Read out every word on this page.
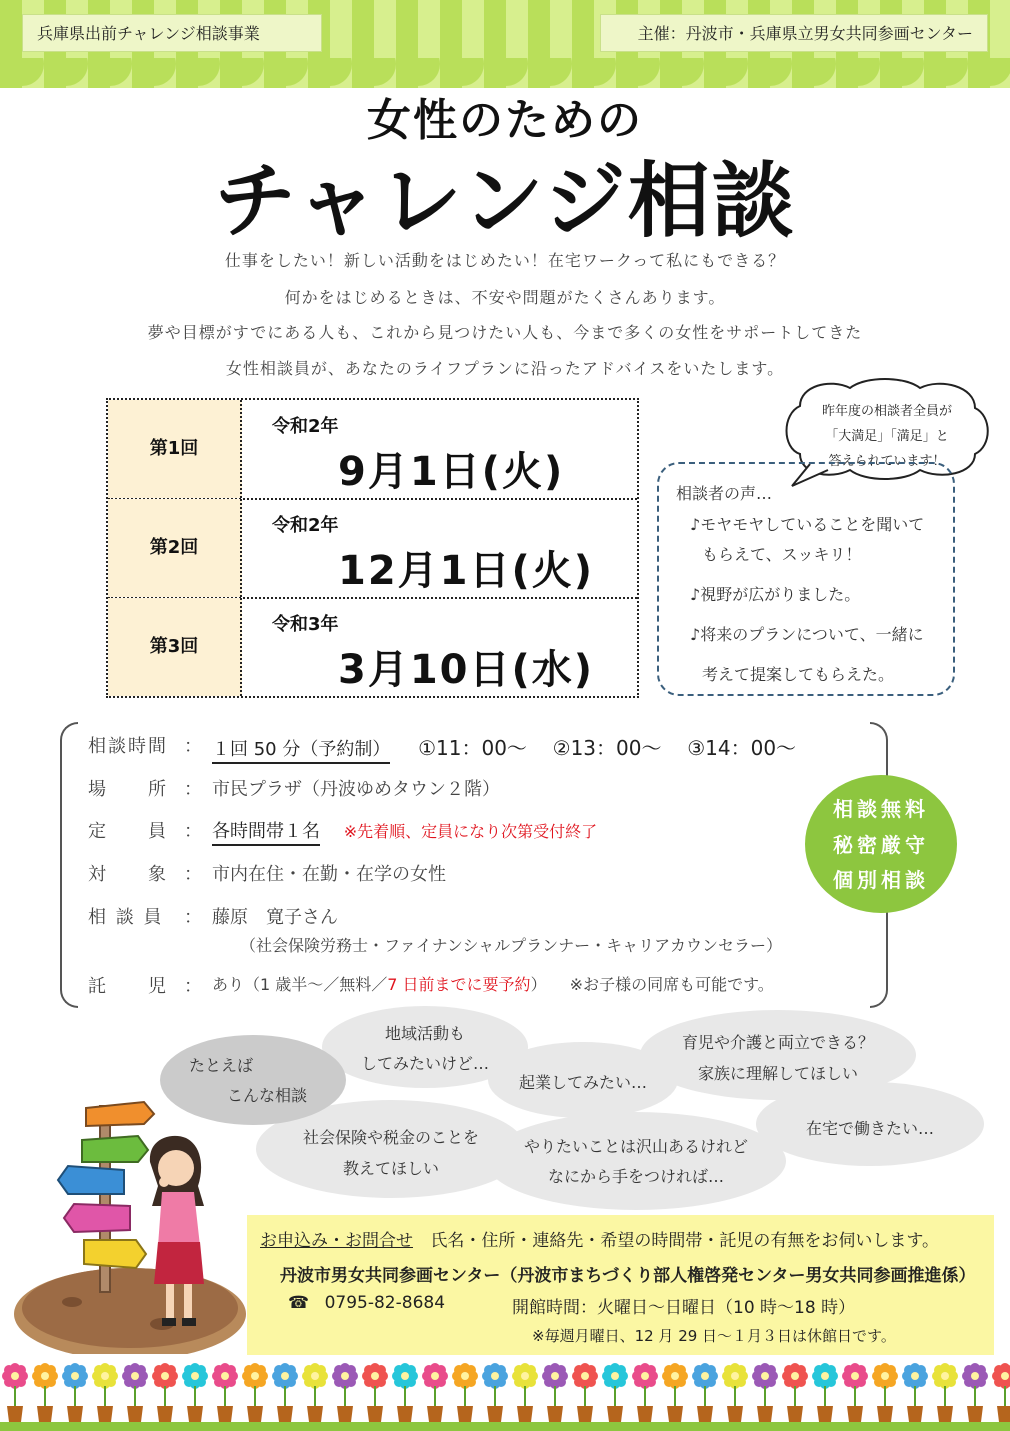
兵庫県出前チャレンジ相談事業	主催：丹波市・兵庫県立男女共同参画センター
女性のための
チャレンジ相談
仕事をしたい！新しい活動をはじめたい！在宅ワークって私にもできる？
何かをはじめるときは、不安や問題がたくさんあります。
夢や目標がすでにある人も、これから見つけたい人も、今まで多くの女性をサポートしてきた
女性相談員が、あなたのライフプランに沿ったアドバイスをいたします。
第1回
令和2年
9月1日(火)
第2回
令和2年
12月1日(火)
第3回
令和3年
3月10日(水)
昨年度の相談者全員が
「大満足」「満足」と
答えられています！
相談者の声…
♪モヤモヤしていることを聞いて
もらえて、スッキリ！
♪視野が広がりました。
♪将来のプランについて、一緒に
考えて提案してもらえた。
相談時間 ： １回 50 分（予約制） ①11：00～ ②13：00～ ③14：00～
場　　所 ： 市民プラザ（丹波ゆめタウン２階）
定　　員 ： 各時間帯１名 ※先着順、定員になり次第受付終了
対　　象 ： 市内在住・在勤・在学の女性
相 談 員 ： 藤原　寛子さん
（社会保険労務士・ファイナンシャルプランナー・キャリアカウンセラー）
託　　児 ： あり（1 歳半～／無料／7 日前までに要予約） ※お子様の同席も可能です。
相談無料
秘密厳守
個別相談
たとえば
こんな相談
地域活動も
してみたいけど…
起業してみたい…
育児や介護と両立できる？
家族に理解してほしい
在宅で働きたい…
社会保険や税金のことを
教えてほしい
やりたいことは沢山あるけれど
なにから手をつければ…
お申込み・お問合せ 氏名・住所・連絡先・希望の時間帯・託児の有無をお伺いします。
丹波市男女共同参画センター（丹波市まちづくり部人権啓発センター男女共同参画推進係）
☎ 0795-82-8684	開館時間：火曜日～日曜日（10 時～18 時）
※毎週月曜日、12 月 29 日～１月３日は休館日です。
